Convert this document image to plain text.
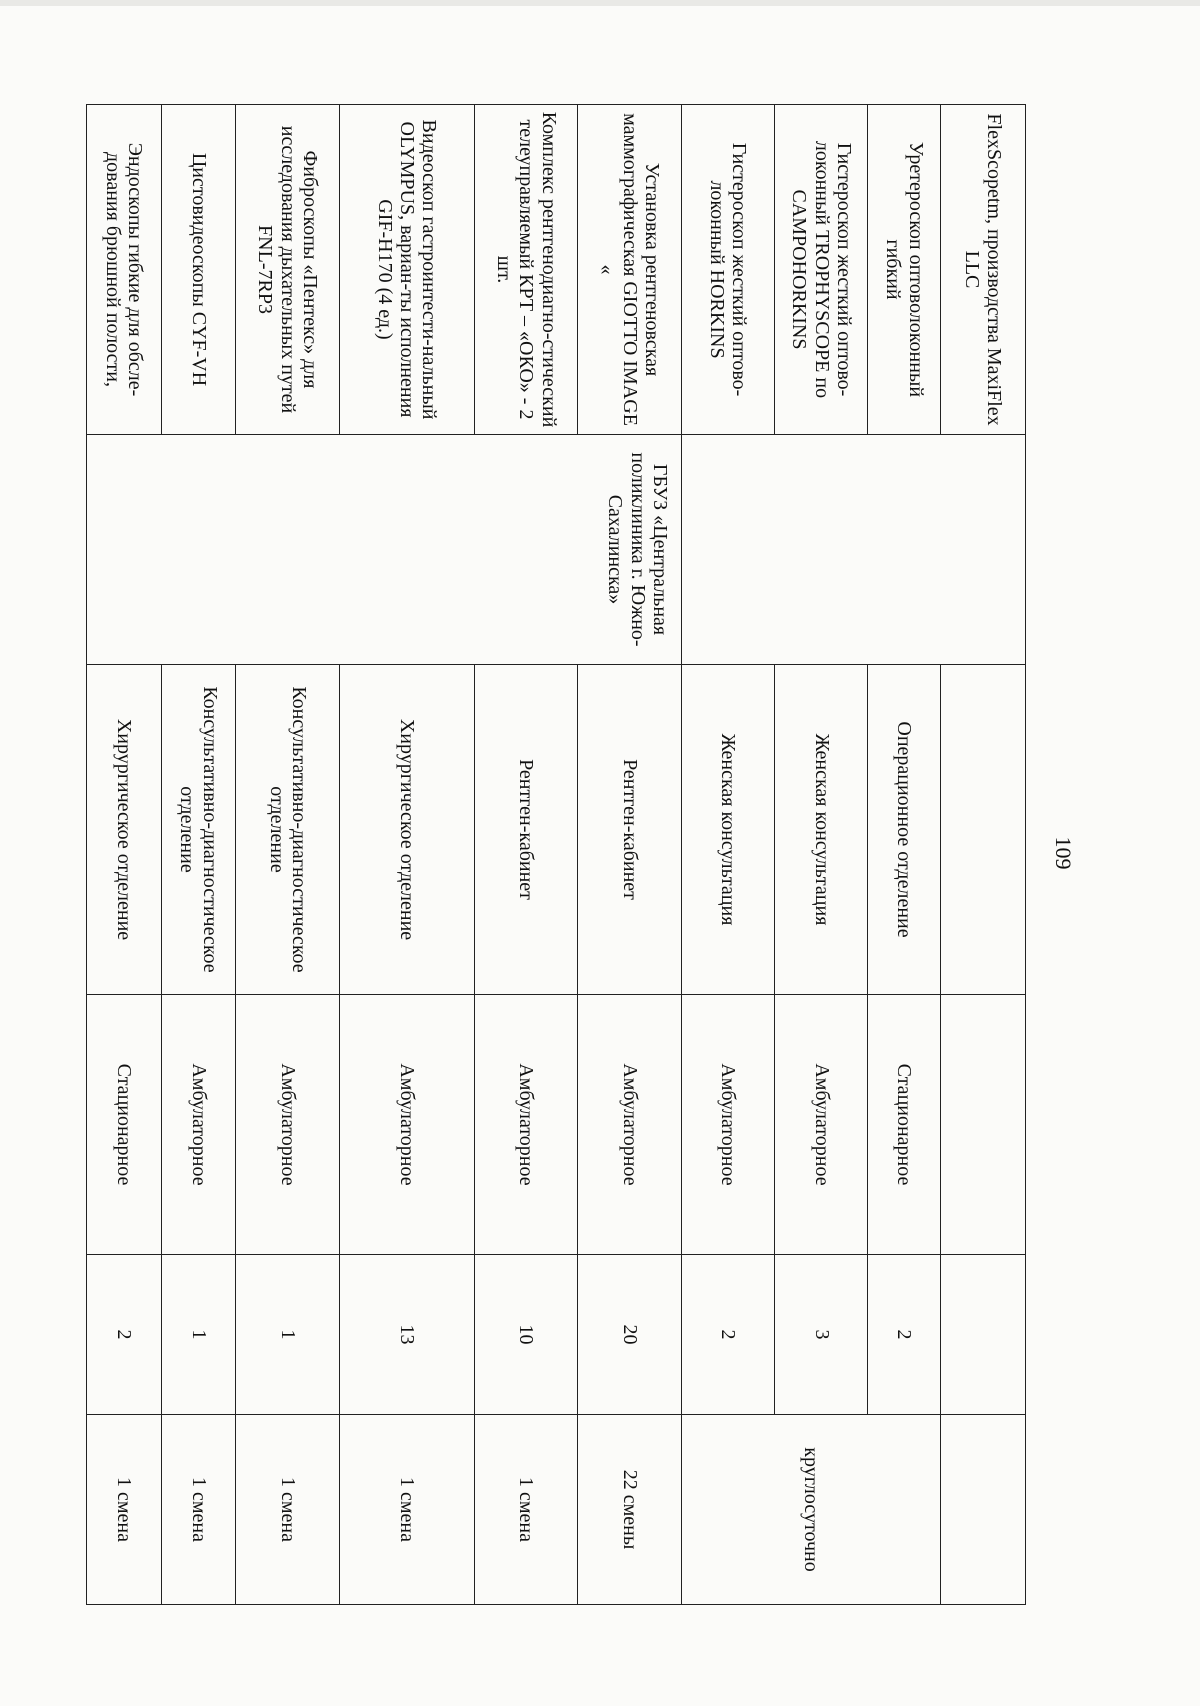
109
FlexScopetm, производства MaxiFlex LLC						
Уретероскоп оптоволоконный гибкий		Операционное отделение	Стационарное	2	круглосуточно	
Гистероскоп жесткий оптово-локонный TROPHYSCOPE по CAMPOHORKINS		Женская консультация	Амбулаторное	3		
Гистероскоп жесткий оптово-локонный HORKINS		Женская консультация	Амбулаторное	2	
Установка рентгеновская маммографическая GIOTTO IMAGE «	ГБУЗ «Центральная поликлиника г. Южно-Сахалинска»	Рентген-кабинет	Амбулаторное	20	22 смены	
Комплекс рентгенодиагно-стический телеуправляемый КРТ – «ОКО» - 2 шт.		Рентген-кабинет	Амбулаторное	10	1 смена	
Видеоскоп гастроинтести-нальный OLYMPUS, вариан-ты исполнения GIF-H170 (4 ед.)		Хирургическое отделение	Амбулаторное	13	1 смена	
Фиброскопы «Пентекс» для исследования дыхательных путей FNL-7RP3		Консультативно-диагностическое отделение	Амбулаторное	1	1 смена	
Цистовидеоскопы CYF-VH		Консультативно-диагностическое отделение	Амбулаторное	1	1 смена	
Эндоскопы гибкие для обсле-дования брюшной полости,		Хирургическое отделение	Стационарное	2	1 смена	
